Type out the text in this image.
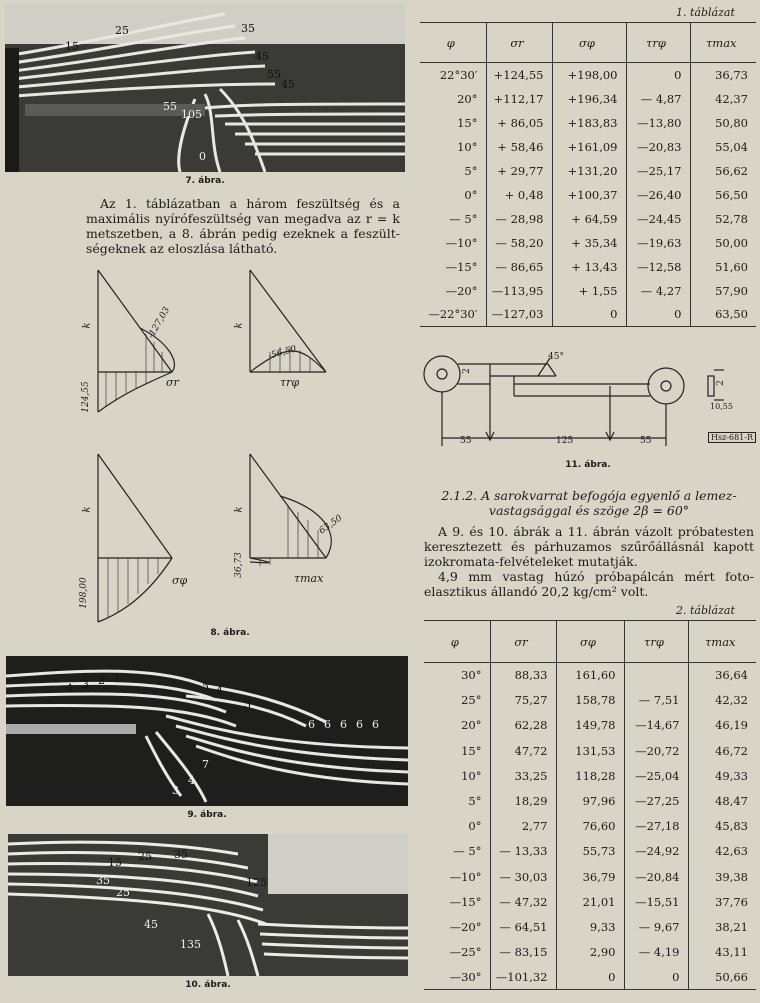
15
25	35
45
55
45
55
105
0
7. ábra.

Az 1. táblázatban a három feszültség és a maximális nyírófeszültség van megadva az r = k metszetben, a 8. ábrán pedig ezeknek a feszültségeknek az eloszlása látható.

k	-127,03
124,55	σr
k
-56,50
τrφ
k
198,00	σφ
k
36,73
63,50
τmax
8. ábra.
4 3 2 1
5 4
3
6 6 6 6 6
7
4
3
9. ábra.
35
25
15
35
25
125
45
135
10. ábra.
1. táblázat
φ	σr	σφ	τrφ	τmax
22°30′	+124,55	+198,00	0	36,73
20°	+112,17	+196,34	— 4,87	42,37
15°	+ 86,05	+183,83	—13,80	50,80
10°	+ 58,46	+161,09	—20,83	55,04
5°	+ 29,77	+131,20	—25,17	56,62
0°	+ 0,48	+100,37	—26,40	56,50
— 5°	— 28,98	+ 64,59	—24,45	52,78
—10°	— 58,20	+ 35,34	—19,63	50,00
—15°	— 86,65	+ 13,43	—12,58	51,60
—20°	—113,95	+ 1,55	— 4,27	57,90
—22°30′	—127,03	0	0	63,50
45°
2
55	125	55
2
10,55
Hsz-681-R
11. ábra.
2.1.2. A sarokvarrat befogója egyenlő a lemezvastagsággal és szöge 2β = 60°

A 9. és 10. ábrák a 11. ábrán vázolt próbatesten keresztezett és párhuzamos szűrőállásnál kapott izokromata-felvételeket mutatják.

4,9 mm vastag húzó próbapálcán mért fotoelasztikus állandó 20,2 kg/cm² volt.

2. táblázat
φ	σr	σφ	τrφ	τmax
30°	88,33	161,60		36,64
25°	75,27	158,78	— 7,51	42,32
20°	62,28	149,78	—14,67	46,19
15°	47,72	131,53	—20,72	46,72
10°	33,25	118,28	—25,04	49,33
5°	18,29	97,96	—27,25	48,47
0°	2,77	76,60	—27,18	45,83
— 5°	— 13,33	55,73	—24,92	42,63
—10°	— 30,03	36,79	—20,84	39,38
—15°	— 47,32	21,01	—15,51	37,76
—20°	— 64,51	9,33	— 9,67	38,21
—25°	— 83,15	2,90	— 4,19	43,11
—30°	—101,32	0	0	50,66
